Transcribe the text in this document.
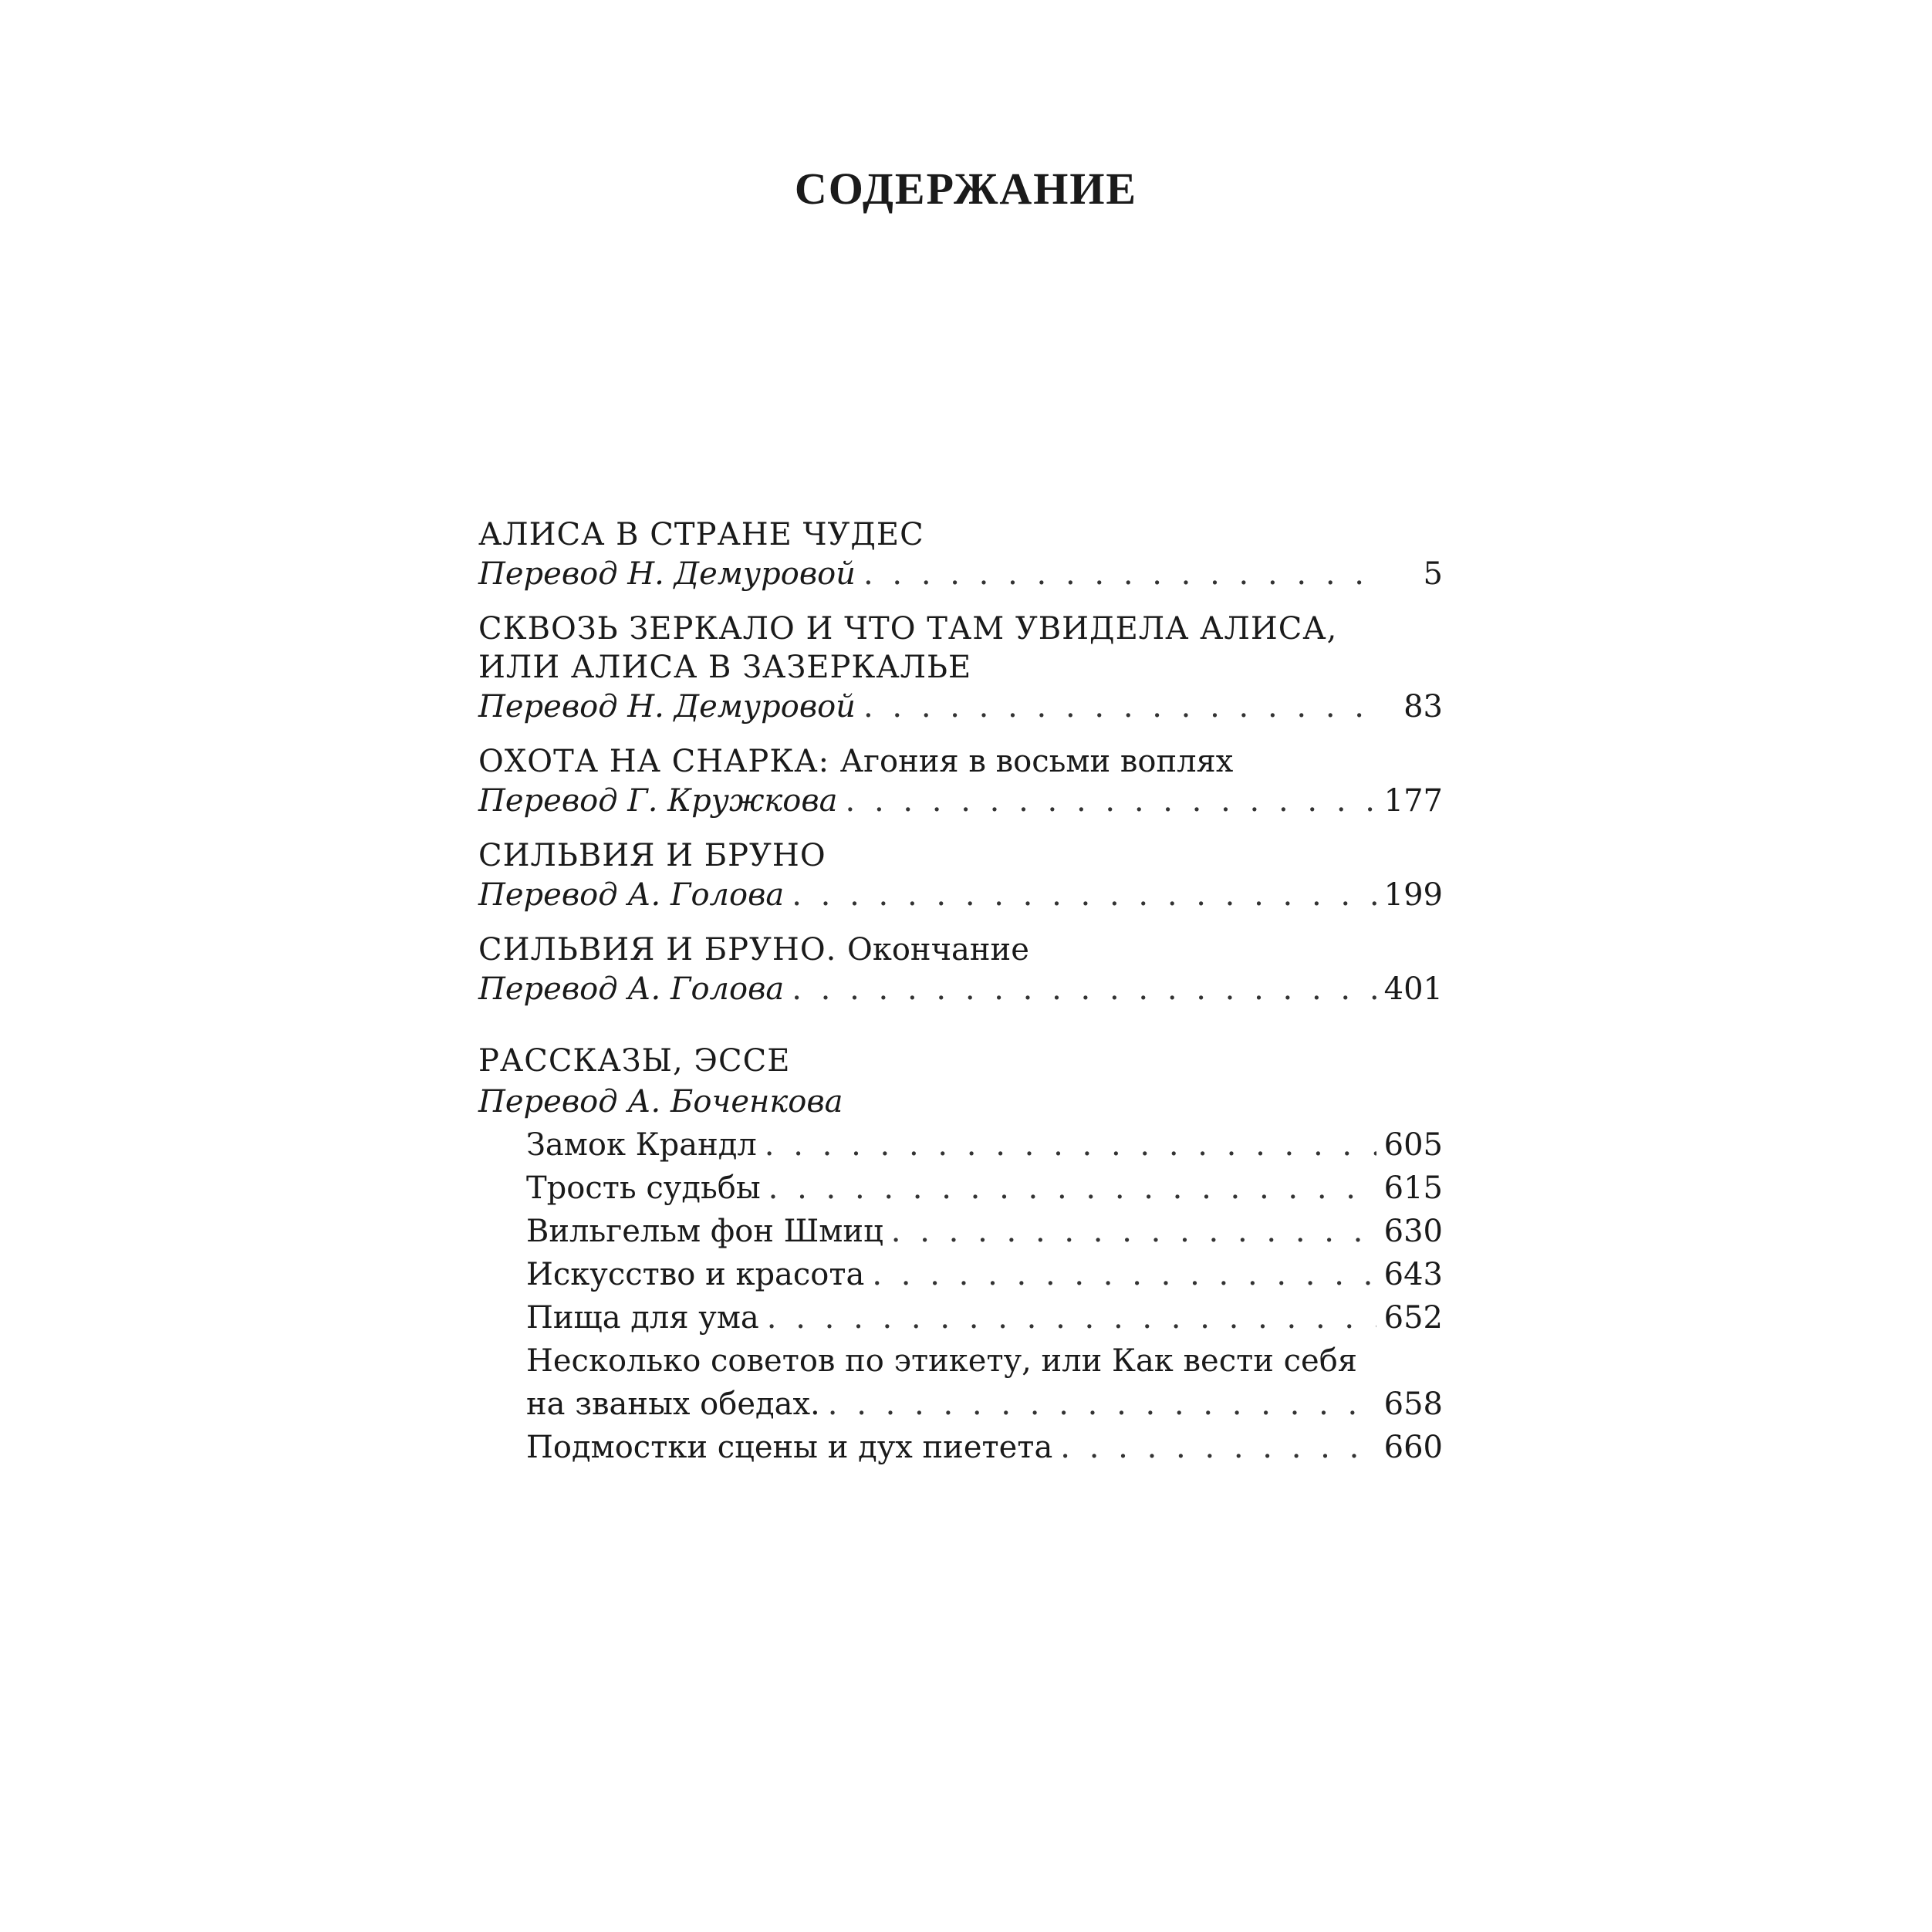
СОДЕРЖАНИЕ
АЛИСА В СТРАНЕ ЧУДЕС
Перевод Н. Демуровой . . .	5
СКВОЗЬ ЗЕРКАЛО И ЧТО ТАМ УВИДЕЛА АЛИСА,
ИЛИ АЛИСА В ЗАЗЕРКАЛЬЕ
Перевод Н. Демуровой . . .	83
ОХОТА НА СНАРКА: Агония в восьми воплях
Перевод Г. Кружкова . . .	177
СИЛЬВИЯ И БРУНО
Перевод А. Голова . . .	199
СИЛЬВИЯ И БРУНО. Окончание
Перевод А. Голова . . .	401
РАССКАЗЫ, ЭССЕ
Перевод А. Боченкова
Замок Крандл . . .	605
Трость судьбы . . .	615
Вильгельм фон Шмиц . . .	630
Искусство и красота . . .	643
Пища для ума . . .	652
Несколько советов по этикету, или Как вести себя
на званых обедах. . . .	658
Подмостки сцены и дух пиетета . . .	660
